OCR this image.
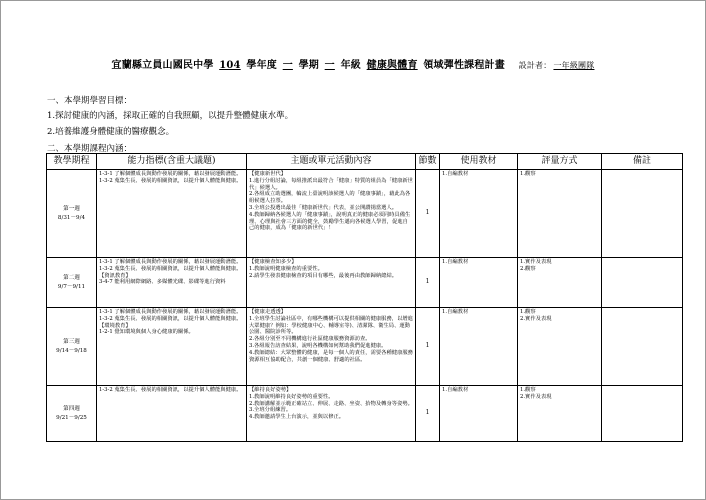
宜蘭縣立員山國民中學 104 學年度 一 學期 一 年級 健康與體育 領域彈性課程計畫 設計者： 一年級團隊
一、本學期學習目標：
1.探討健康的內涵，採取正確的自我照顧，以提升整體健康水準。
2.培養維護身體健康的醫療觀念。
二、本學期課程內涵：
教學期程	能力指標(含重大議題)	主題或單元活動內容	節數	使用教材	評量方式	備註

第一週
8/31－9/4	1-3-1 了解個體成長與動作發展的關係，藉以發展運動潛能。
1-3-2 蒐集生長、發展的相關資訊，以提升個人體能與健康。	【健康新世代】
1.進行分組討論，每組推派出最符合「健康」特質的組員為「健康新世代」候選人。
2.各組成立助選團，輪流上臺說明該候選人的「健康事蹟」，藉此為各組候選人拉票。
3.全班公投選出最佳「健康新世代」代表，並公開讚揚當選人。
4.教師歸納各候選人的「健康事蹟」，說明真正的健康必須同時具備生理、心理與社會三方面的健全，鼓勵學生邁向各候選人學習，促進自己的健康，成為「健康的新世代」！	1	1.自編教材	1.觀察	

第二週
9/7－9/11	1-3-1 了解個體成長與動作發展的關係，藉以發展運動潛能。
1-3-2 蒐集生長、發展的相關資訊，以提升個人體能與健康。
【資訊教育】
3-4-7 能利用網際網路、多媒體光碟、影碟等進行資料	【健康檢查知多少】
1.教師說明健康檢查的重要性。
2.請學生發表健康檢查的項目有哪些，最後再由教師歸納總結。	1	1.自編教材	1.實作及表現
2.觀察	

第三週
9/14－9/18	1-3-1 了解個體成長與動作發展的關係，藉以發展運動潛能。
1-3-2 蒐集生長、發展的相關資訊，以提升個人體能與健康。
【環境教育】
1-2-1 覺知環境與個人身心健康的關係。	【健康走透透】
1.全班學生討論社區中，有哪些機構可以提供相關的健康服務，以增進大眾健康？例如：學校健康中心、輔導室等)、清潔隊、衛生局、運動公園、醫院診所等。
2.各組分別至不同機構進行社區健康服務資源訪查。
3.各組報告訪查結果，說明各機構如何幫助我們促進健康。
4.教師總結：大眾整體的健康，是每一個人的責任，需要各種健康服務資源相互協助配合，共創一個健康、舒適的社區。	1	1.自編教材	1.觀察
2.實作及表現	

第四週
9/21－9/25	1-3-2 蒐集生長、發展的相關資訊，以提升個人體能與健康。	【維持良好姿勢】
1.教師說明維持良好姿勢的重要性。
2.教師講解並示範正確站立、伸展、走路、坐姿、抬物及轉身等姿勢。
3.全班分組練習。
4.教師邀請學生上台演示，並與以修正。	1	1.自編教材	1.觀察
2.實作及表現	
